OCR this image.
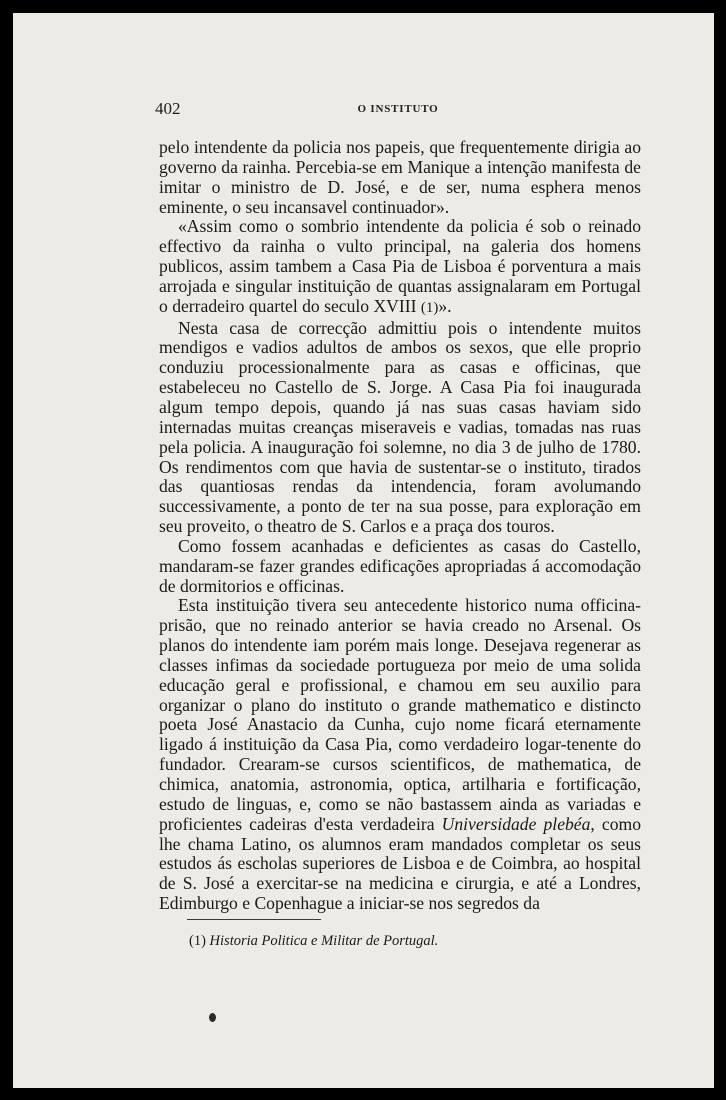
402	O INSTITUTO

pelo intendente da policia nos papeis, que frequentemente dirigia ao governo da rainha. Percebia-se em Manique a intenção manifesta de imitar o ministro de D. José, e de ser, numa esphera menos eminente, o seu incansavel continuador».

«Assim como o sombrio intendente da policia é sob o reinado effectivo da rainha o vulto principal, na galeria dos homens publicos, assim tambem a Casa Pia de Lisboa é porventura a mais arrojada e singular instituição de quantas assignalaram em Portugal o derradeiro quartel do seculo XVIII (1)».

Nesta casa de correcção admittiu pois o intendente muitos mendigos e vadios adultos de ambos os sexos, que elle proprio conduziu processionalmente para as casas e officinas, que estabeleceu no Castello de S. Jorge. A Casa Pia foi inaugurada algum tempo depois, quando já nas suas casas haviam sido internadas muitas creanças miseraveis e vadias, tomadas nas ruas pela policia. A inauguração foi solemne, no dia 3 de julho de 1780. Os rendimentos com que havia de sustentar-se o instituto, tirados das quantiosas rendas da intendencia, foram avolumando successivamente, a ponto de ter na sua posse, para exploração em seu proveito, o theatro de S. Carlos e a praça dos touros.

Como fossem acanhadas e deficientes as casas do Castello, mandaram-se fazer grandes edificações apropriadas á accomodação de dormitorios e officinas.

Esta instituição tivera seu antecedente historico numa officina-prisão, que no reinado anterior se havia creado no Arsenal. Os planos do intendente iam porém mais longe. Desejava regenerar as classes infimas da sociedade portugueza por meio de uma solida educação geral e profissional, e chamou em seu auxilio para organizar o plano do instituto o grande mathematico e distincto poeta José Anastacio da Cunha, cujo nome ficará eternamente ligado á instituição da Casa Pia, como verdadeiro logar-tenente do fundador. Crearam-se cursos scientificos, de mathematica, de chimica, anatomia, astronomia, optica, artilharia e fortificação, estudo de linguas, e, como se não bastassem ainda as variadas e proficientes cadeiras d'esta verdadeira Universidade plebéa, como lhe chama Latino, os alumnos eram mandados completar os seus estudos ás escholas superiores de Lisboa e de Coimbra, ao hospital de S. José a exercitar-se na medicina e cirurgia, e até a Londres, Edimburgo e Copenhague a iniciar-se nos segredos da

(1) Historia Politica e Militar de Portugal.
